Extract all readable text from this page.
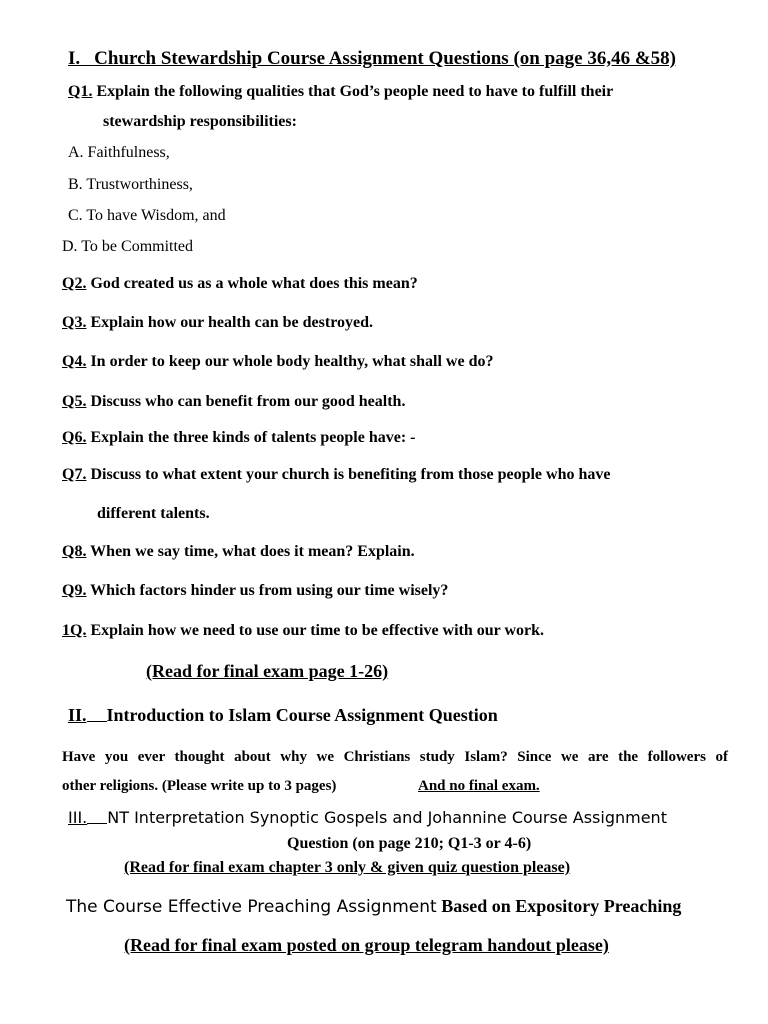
I. Church Stewardship Course Assignment Questions (on page 36,46 &58)
Q1. Explain the following qualities that God’s people need to have to fulfill their
stewardship responsibilities:
A. Faithfulness,
B. Trustworthiness,
C. To have Wisdom, and
D. To be Committed
Q2. God created us as a whole what does this mean?
Q3. Explain how our health can be destroyed.
Q4. In order to keep our whole body healthy, what shall we do?
Q5. Discuss who can benefit from our good health.
Q6. Explain the three kinds of talents people have: -
Q7. Discuss to what extent your church is benefiting from those people who have
different talents.
Q8. When we say time, what does it mean? Explain.
Q9. Which factors hinder us from using our time wisely?
1Q. Explain how we need to use our time to be effective with our work.
(Read for final exam page 1-26)
II. Introduction to Islam Course Assignment Question
Have you ever thought about why we Christians study Islam? Since we are the followers of
other religions. (Please write up to 3 pages)	And no final exam.
III. NT Interpretation Synoptic Gospels and Johannine Course Assignment
Question (on page 210; Q1-3 or 4-6)
(Read for final exam chapter 3 only & given quiz question please)
The Course Effective Preaching Assignment Based on Expository Preaching
(Read for final exam posted on group telegram handout please)
